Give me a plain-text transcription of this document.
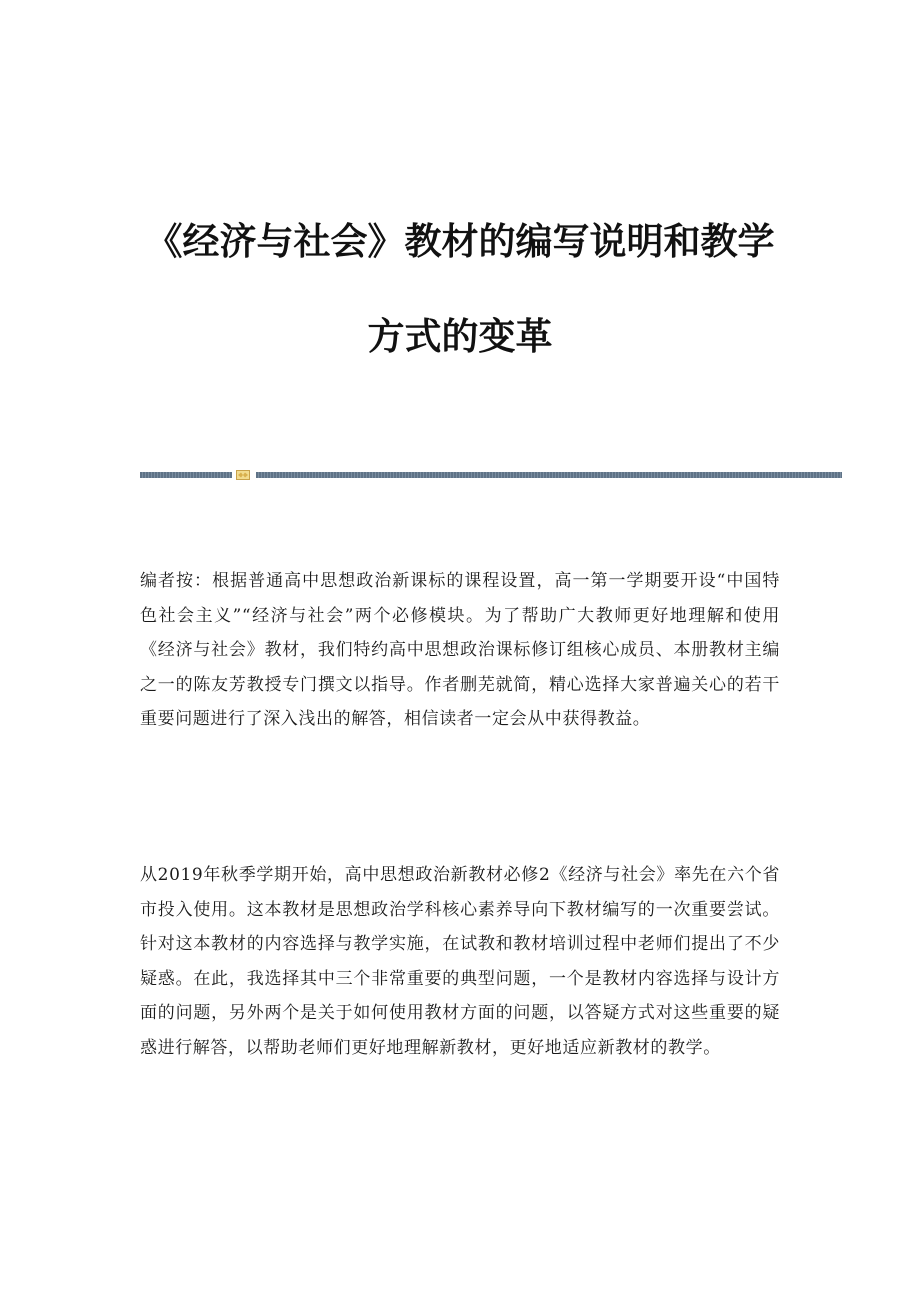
《经济与社会》教材的编写说明和教学
方式的变革

编者按：根据普通高中思想政治新课标的课程设置，高一第一学期要开设“中国特色社会主义”“经济与社会”两个必修模块。为了帮助广大教师更好地理解和使用《经济与社会》教材，我们特约高中思想政治课标修订组核心成员、本册教材主编之一的陈友芳教授专门撰文以指导。作者删芜就简，精心选择大家普遍关心的若干重要问题进行了深入浅出的解答，相信读者一定会从中获得教益。

从2019年秋季学期开始，高中思想政治新教材必修2《经济与社会》率先在六个省市投入使用。这本教材是思想政治学科核心素养导向下教材编写的一次重要尝试。针对这本教材的内容选择与教学实施，在试教和教材培训过程中老师们提出了不少疑惑。在此，我选择其中三个非常重要的典型问题，一个是教材内容选择与设计方面的问题，另外两个是关于如何使用教材方面的问题，以答疑方式对这些重要的疑惑进行解答，以帮助老师们更好地理解新教材，更好地适应新教材的教学。
